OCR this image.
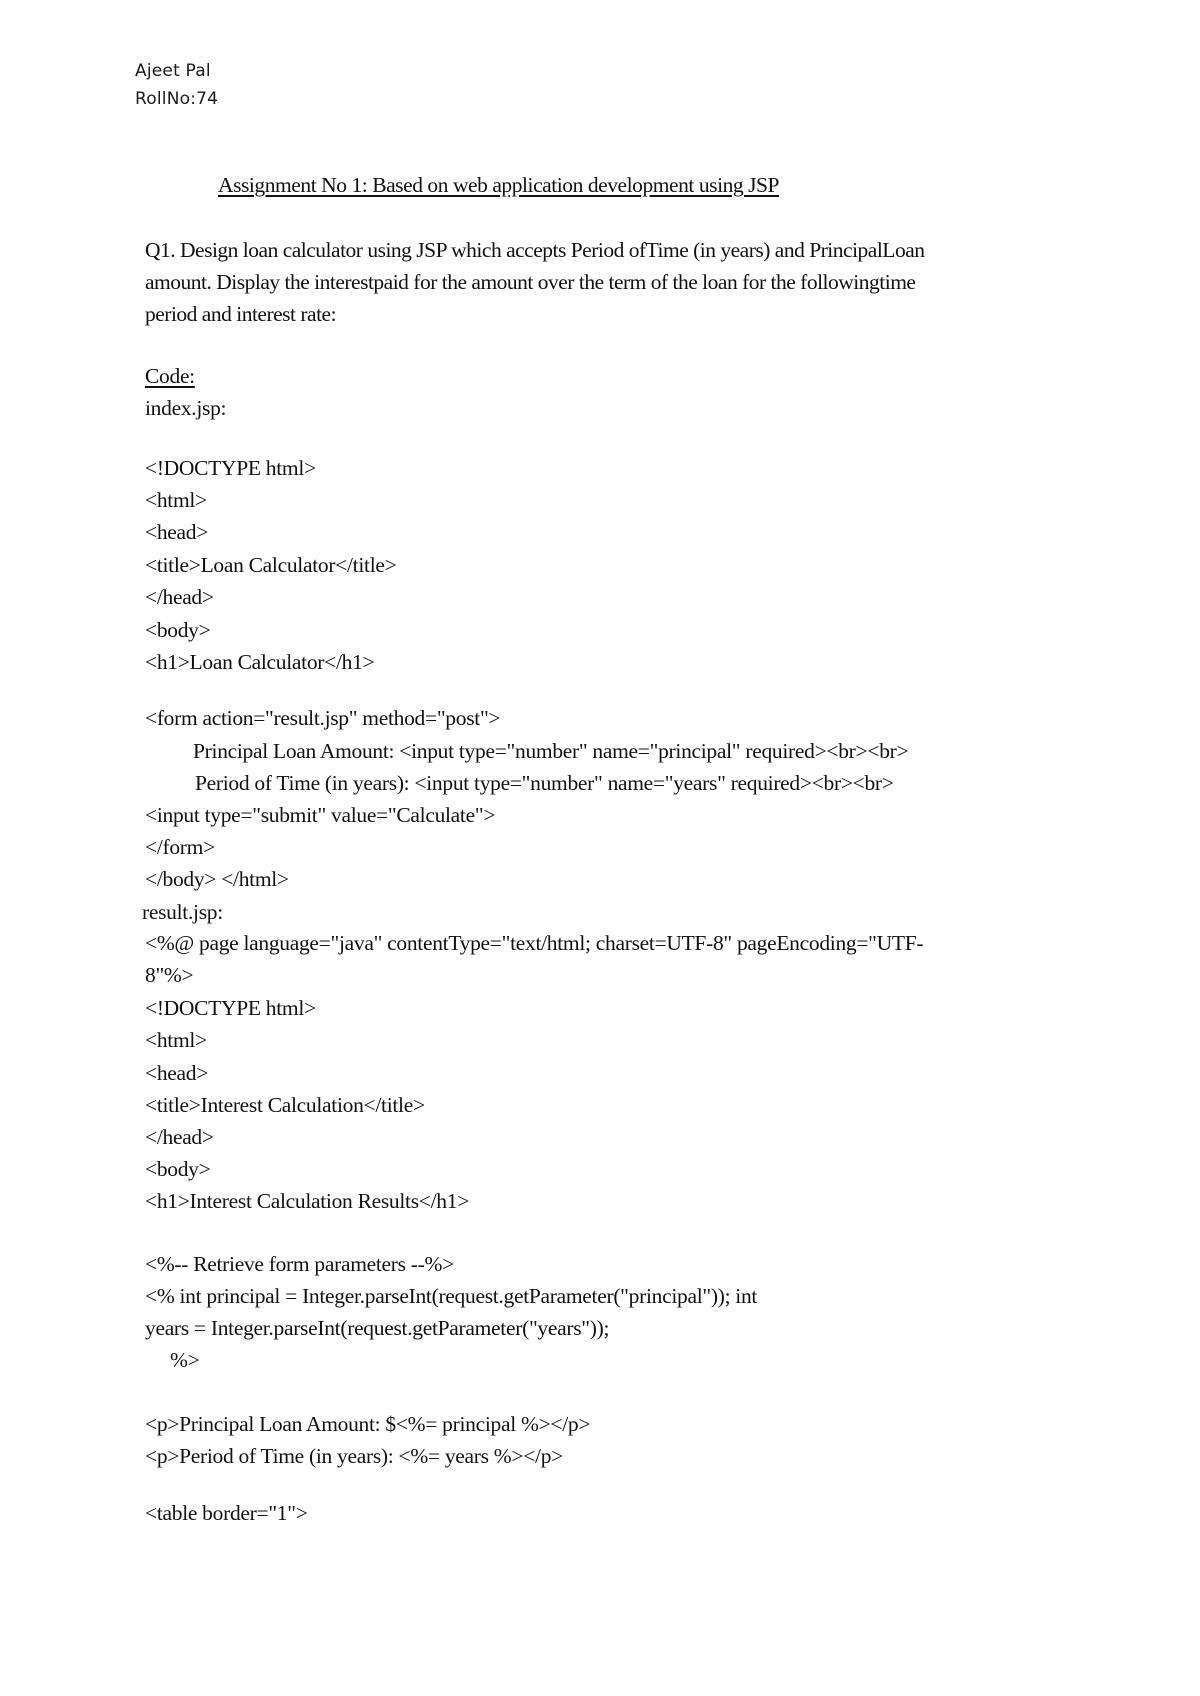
Ajeet Pal
RollNo:74
Assignment No 1: Based on web application development using JSP
Q1. Design loan calculator using JSP which accepts Period ofTime (in years) and PrincipalLoan
amount. Display the interestpaid for the amount over the term of the loan for the followingtime
period and interest rate:
Code:
index.jsp:
<!DOCTYPE html>
<html>
<head>
<title>Loan Calculator</title>
</head>
<body>
<h1>Loan Calculator</h1>
<form action="result.jsp" method="post">
Principal Loan Amount: <input type="number" name="principal" required><br><br>
Period of Time (in years): <input type="number" name="years" required><br><br>
<input type="submit" value="Calculate">
</form>
</body> </html>
result.jsp:
<%@ page language="java" contentType="text/html; charset=UTF-8" pageEncoding="UTF-
8"%>
<!DOCTYPE html>
<html>
<head>
<title>Interest Calculation</title>
</head>
<body>
<h1>Interest Calculation Results</h1>
<%-- Retrieve form parameters --%>
<% int principal = Integer.parseInt(request.getParameter("principal")); int
years = Integer.parseInt(request.getParameter("years"));
%>
<p>Principal Loan Amount: $<%= principal %></p>
<p>Period of Time (in years): <%= years %></p>
<table border="1">
